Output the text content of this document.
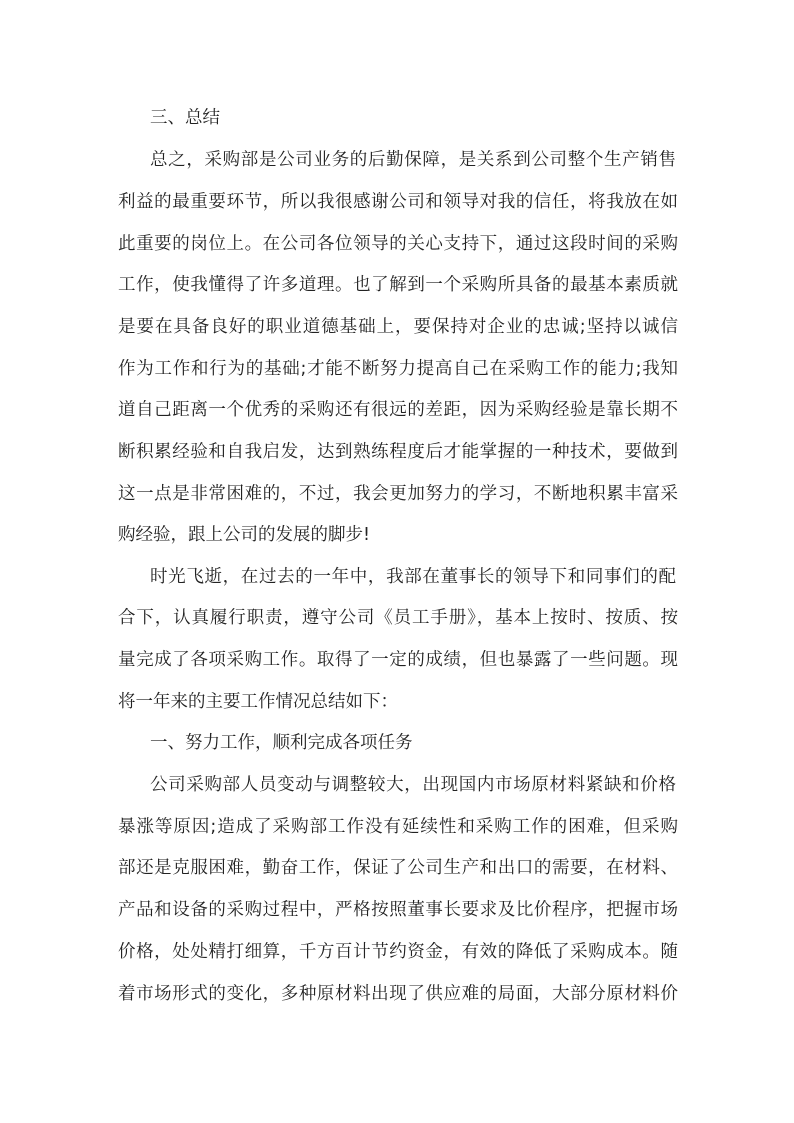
三、总结
总之，采购部是公司业务的后勤保障，是关系到公司整个生产销售
利益的最重要环节，所以我很感谢公司和领导对我的信任，将我放在如
此重要的岗位上。在公司各位领导的关心支持下，通过这段时间的采购
工作，使我懂得了许多道理。也了解到一个采购所具备的最基本素质就
是要在具备良好的职业道德基础上，要保持对企业的忠诚;坚持以诚信
作为工作和行为的基础;才能不断努力提高自己在采购工作的能力;我知
道自己距离一个优秀的采购还有很远的差距，因为采购经验是靠长期不
断积累经验和自我启发，达到熟练程度后才能掌握的一种技术，要做到
这一点是非常困难的，不过，我会更加努力的学习，不断地积累丰富采
购经验，跟上公司的发展的脚步!
时光飞逝，在过去的一年中，我部在董事长的领导下和同事们的配
合下，认真履行职责，遵守公司《员工手册》，基本上按时、按质、按
量完成了各项采购工作。取得了一定的成绩，但也暴露了一些问题。现
将一年来的主要工作情况总结如下：
一、努力工作，顺利完成各项任务
公司采购部人员变动与调整较大，出现国内市场原材料紧缺和价格
暴涨等原因;造成了采购部工作没有延续性和采购工作的困难，但采购
部还是克服困难，勤奋工作，保证了公司生产和出口的需要，在材料、
产品和设备的采购过程中，严格按照董事长要求及比价程序，把握市场
价格，处处精打细算，千方百计节约资金，有效的降低了采购成本。随
着市场形式的变化，多种原材料出现了供应难的局面，大部分原材料价
